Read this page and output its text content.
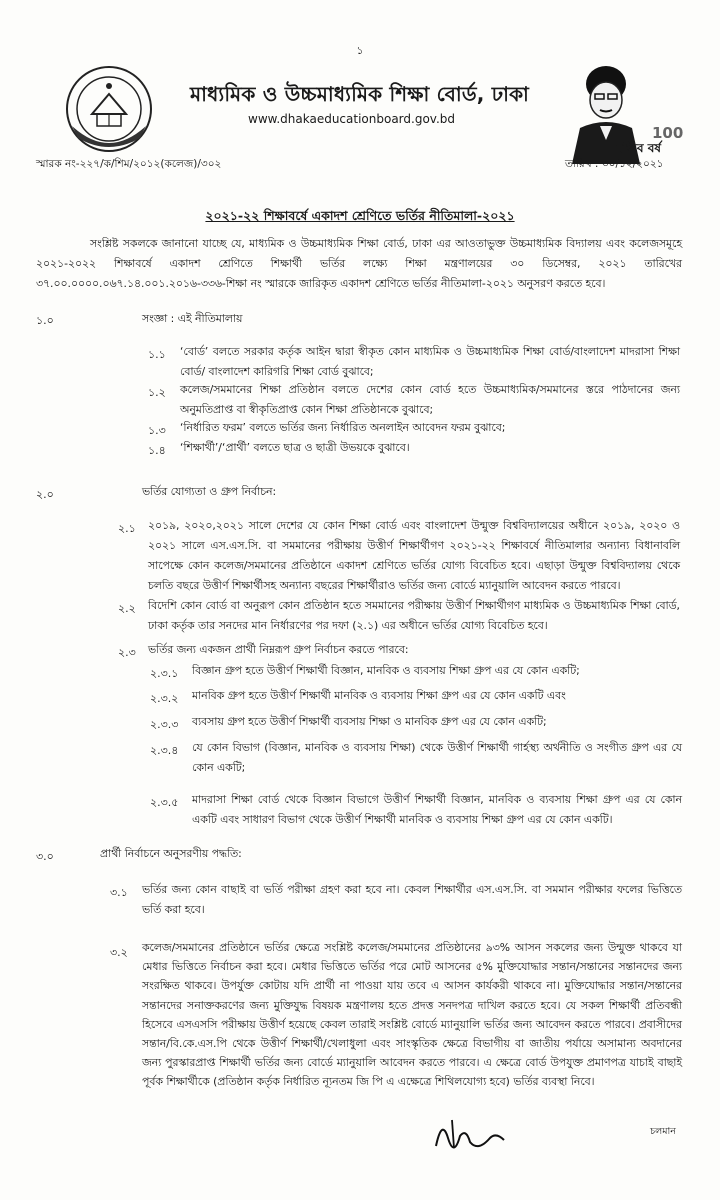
১
মাধ্যমিক ও উচ্চমাধ্যমিক শিক্ষা বোর্ড, ঢাকা
www.dhakaeducationboard.gov.bd
মুজিব বর্ষ
100
স্মারক নং-২২৭/ক/শিম/২০১২(কলেজ)/৩০২	তারিখ : ৩০/১২/২০২১
২০২১-২২ শিক্ষাবর্ষে একাদশ শ্রেণিতে ভর্তির নীতিমালা-২০২১
সংশ্লিষ্ট সকলকে জানানো যাচ্ছে যে, মাধ্যমিক ও উচ্চমাধ্যমিক শিক্ষা বোর্ড, ঢাকা এর আওতাভুক্ত উচ্চমাধ্যমিক বিদ্যালয় এবং কলেজসমূহে ২০২১-২০২২ শিক্ষাবর্ষে একাদশ শ্রেণিতে শিক্ষার্থী ভর্তির লক্ষ্যে শিক্ষা মন্ত্রণালয়ের ৩০ ডিসেম্বর, ২০২১ তারিখের ৩৭.০০.০০০০.০৬৭.১৪.০০১.২০১৬-৩৩৬-শিক্ষা নং স্মারকে জারিকৃত একাদশ শ্রেণিতে ভর্তির নীতিমালা-২০২১ অনুসরণ করতে হবে।
১.০	সংজ্ঞা : এই নীতিমালায়
১.১ ‘বোর্ড’ বলতে সরকার কর্তৃক আইন দ্বারা স্বীকৃত কোন মাধ্যমিক ও উচ্চমাধ্যমিক শিক্ষা বোর্ড/বাংলাদেশ মাদরাসা শিক্ষা বোর্ড/ বাংলাদেশ কারিগরি শিক্ষা বোর্ড বুঝাবে;
১.২ কলেজ/সমমানের শিক্ষা প্রতিষ্ঠান বলতে দেশের কোন বোর্ড হতে উচ্চমাধ্যমিক/সমমানের স্তরে পাঠদানের জন্য অনুমতিপ্রাপ্ত বা স্বীকৃতিপ্রাপ্ত কোন শিক্ষা প্রতিষ্ঠানকে বুঝাবে;
১.৩ ‘নির্ধারিত ফরম’ বলতে ভর্তির জন্য নির্ধারিত অনলাইন আবেদন ফরম বুঝাবে;
১.৪ ‘শিক্ষার্থী’/‘প্রার্থী’ বলতে ছাত্র ও ছাত্রী উভয়কে বুঝাবে।
২.০	ভর্তির যোগ্যতা ও গ্রুপ নির্বাচন:
২.১ ২০১৯, ২০২০,২০২১ সালে দেশের যে কোন শিক্ষা বোর্ড এবং বাংলাদেশ উন্মুক্ত বিশ্ববিদ্যালয়ের অধীনে ২০১৯, ২০২০ ও ২০২১ সালে এস.এস.সি. বা সমমানের পরীক্ষায় উত্তীর্ণ শিক্ষার্থীগণ ২০২১-২২ শিক্ষাবর্ষে নীতিমালার অন্যান্য বিধানাবলি সাপেক্ষে কোন কলেজ/সমমানের প্রতিষ্ঠানে একাদশ শ্রেণিতে ভর্তির যোগ্য বিবেচিত হবে। এছাড়া উন্মুক্ত বিশ্ববিদ্যালয় থেকে চলতি বছরে উত্তীর্ণ শিক্ষার্থীসহ অন্যান্য বছরের শিক্ষার্থীরাও ভর্তির জন্য বোর্ডে ম্যানুয়ালি আবেদন করতে পারবে।
২.২ বিদেশি কোন বোর্ড বা অনুরূপ কোন প্রতিষ্ঠান হতে সমমানের পরীক্ষায় উত্তীর্ণ শিক্ষার্থীগণ মাধ্যমিক ও উচ্চমাধ্যমিক শিক্ষা বোর্ড, ঢাকা কর্তৃক তার সনদের মান নির্ধারণের পর দফা (২.১) এর অধীনে ভর্তির যোগ্য বিবেচিত হবে।
২.৩ ভর্তির জন্য একজন প্রার্থী নিম্নরূপ গ্রুপ নির্বাচন করতে পারবে:
২.৩.১ বিজ্ঞান গ্রুপ হতে উত্তীর্ণ শিক্ষার্থী বিজ্ঞান, মানবিক ও ব্যবসায় শিক্ষা গ্রুপ এর যে কোন একটি;
২.৩.২ মানবিক গ্রুপ হতে উত্তীর্ণ শিক্ষার্থী মানবিক ও ব্যবসায় শিক্ষা গ্রুপ এর যে কোন একটি এবং
২.৩.৩ ব্যবসায় গ্রুপ হতে উত্তীর্ণ শিক্ষার্থী ব্যবসায় শিক্ষা ও মানবিক গ্রুপ এর যে কোন একটি;
২.৩.৪ যে কোন বিভাগ (বিজ্ঞান, মানবিক ও ব্যবসায় শিক্ষা) থেকে উত্তীর্ণ শিক্ষার্থী গার্হস্থ্য অর্থনীতি ও সংগীত গ্রুপ এর যে কোন একটি;
২.৩.৫ মাদরাসা শিক্ষা বোর্ড থেকে বিজ্ঞান বিভাগে উত্তীর্ণ শিক্ষার্থী বিজ্ঞান, মানবিক ও ব্যবসায় শিক্ষা গ্রুপ এর যে কোন একটি এবং সাধারণ বিভাগ থেকে উত্তীর্ণ শিক্ষার্থী মানবিক ও ব্যবসায় শিক্ষা গ্রুপ এর যে কোন একটি।
৩.০	প্রার্থী নির্বাচনে অনুসরণীয় পদ্ধতি:
৩.১ ভর্তির জন্য কোন বাছাই বা ভর্তি পরীক্ষা গ্রহণ করা হবে না। কেবল শিক্ষার্থীর এস.এস.সি. বা সমমান পরীক্ষার ফলের ভিত্তিতে ভর্তি করা হবে।
৩.২ কলেজ/সমমানের প্রতিষ্ঠানে ভর্তির ক্ষেত্রে সংশ্লিষ্ট কলেজ/সমমানের প্রতিষ্ঠানের ৯৩% আসন সকলের জন্য উন্মুক্ত থাকবে যা মেধার ভিত্তিতে নির্বাচন করা হবে। মেধার ভিত্তিতে ভর্তির পরে মোট আসনের ৫% মুক্তিযোদ্ধার সন্তান/সন্তানের সন্তানদের জন্য সংরক্ষিত থাকবে। উপর্যুক্ত কোটায় যদি প্রার্থী না পাওয়া যায় তবে এ আসন কার্যকরী থাকবে না। মুক্তিযোদ্ধার সন্তান/সন্তানের সন্তানদের সনাক্তকরণের জন্য মুক্তিযুদ্ধ বিষয়ক মন্ত্রণালয় হতে প্রদত্ত সনদপত্র দাখিল করতে হবে। যে সকল শিক্ষার্থী প্রতিবন্ধী হিসেবে এসএসসি পরীক্ষায় উত্তীর্ণ হয়েছে কেবল তারাই সংশ্লিষ্ট বোর্ডে ম্যানুয়ালি ভর্তির জন্য আবেদন করতে পারবে। প্রবাসীদের সন্তান/বি.কে.এস.পি থেকে উত্তীর্ণ শিক্ষার্থী/খেলাধুলা এবং সাংস্কৃতিক ক্ষেত্রে বিভাগীয় বা জাতীয় পর্যায়ে অসামান্য অবদানের জন্য পুরস্কারপ্রাপ্ত শিক্ষার্থী ভর্তির জন্য বোর্ডে ম্যানুয়ালি আবেদন করতে পারবে। এ ক্ষেত্রে বোর্ড উপযুক্ত প্রমাণপত্র যাচাই বাছাই পূর্বক শিক্ষার্থীকে (প্রতিষ্ঠান কর্তৃক নির্ধারিত ন্যূনতম জি পি এ এক্ষেত্রে শিথিলযোগ্য হবে) ভর্তির ব্যবস্থা নিবে।
চলমান
